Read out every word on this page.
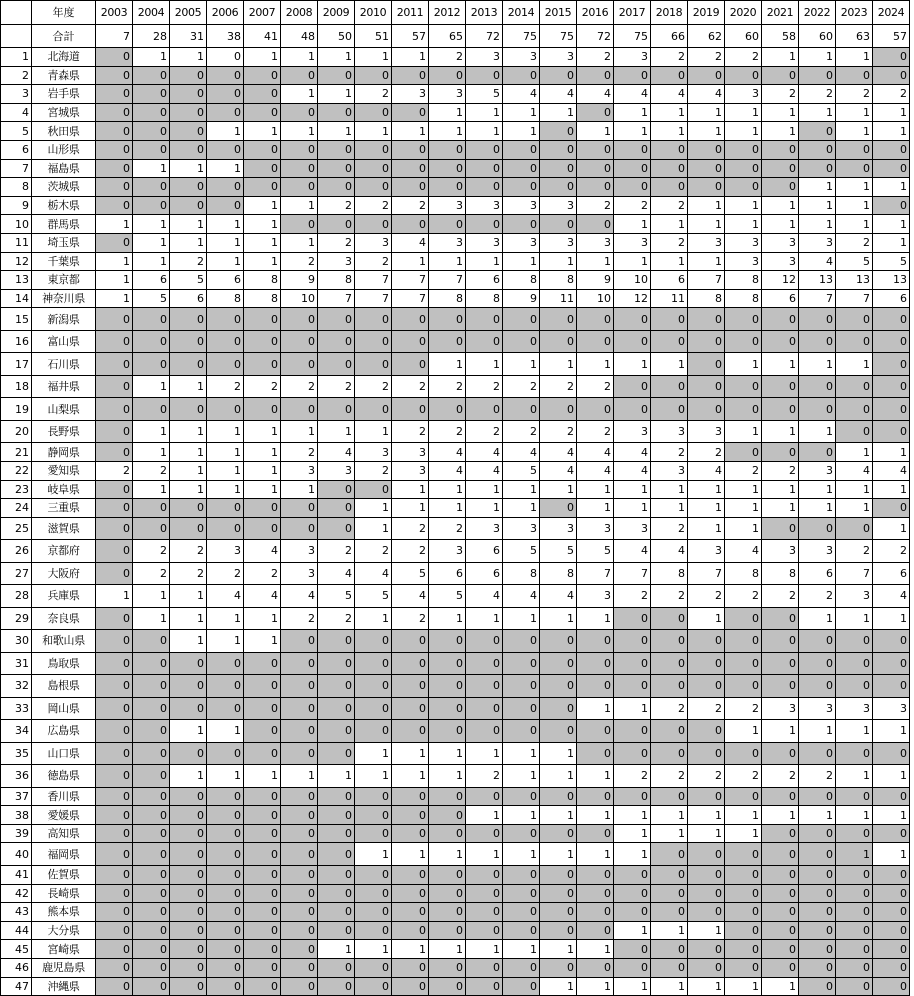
	年度	2003	2004	2005	2006	2007	2008	2009	2010	2011	2012	2013	2014	2015	2016	2017	2018	2019	2020	2021	2022	2023	2024
	合計	7	28	31	38	41	48	50	51	57	65	72	75	75	72	75	66	62	60	58	60	63	57
1	北海道	0	1	1	0	1	1	1	1	1	2	3	3	3	2	3	2	2	2	1	1	1	0
2	青森県	0	0	0	0	0	0	0	0	0	0	0	0	0	0	0	0	0	0	0	0	0	0
3	岩手県	0	0	0	0	0	1	1	2	3	3	5	4	4	4	4	4	4	3	2	2	2	2
4	宮城県	0	0	0	0	0	0	0	0	0	1	1	1	1	0	1	1	1	1	1	1	1	1
5	秋田県	0	0	0	1	1	1	1	1	1	1	1	1	0	1	1	1	1	1	1	0	1	1
6	山形県	0	0	0	0	0	0	0	0	0	0	0	0	0	0	0	0	0	0	0	0	0	0
7	福島県	0	1	1	1	0	0	0	0	0	0	0	0	0	0	0	0	0	0	0	0	0	0
8	茨城県	0	0	0	0	0	0	0	0	0	0	0	0	0	0	0	0	0	0	0	1	1	1
9	栃木県	0	0	0	0	1	1	2	2	2	3	3	3	3	2	2	2	1	1	1	1	1	0
10	群馬県	1	1	1	1	1	0	0	0	0	0	0	0	0	0	1	1	1	1	1	1	1	1
11	埼玉県	0	1	1	1	1	1	2	3	4	3	3	3	3	3	3	2	3	3	3	3	2	1
12	千葉県	1	1	2	1	1	2	3	2	1	1	1	1	1	1	1	1	1	3	3	4	5	5
13	東京都	1	6	5	6	8	9	8	7	7	7	6	8	8	9	10	6	7	8	12	13	13	13
14	神奈川県	1	5	6	8	8	10	7	7	7	8	8	9	11	10	12	11	8	8	6	7	7	6
15	新潟県	0	0	0	0	0	0	0	0	0	0	0	0	0	0	0	0	0	0	0	0	0	0
16	富山県	0	0	0	0	0	0	0	0	0	0	0	0	0	0	0	0	0	0	0	0	0	0
17	石川県	0	0	0	0	0	0	0	0	0	1	1	1	1	1	1	1	0	1	1	1	1	0
18	福井県	0	1	1	2	2	2	2	2	2	2	2	2	2	2	0	0	0	0	0	0	0	0
19	山梨県	0	0	0	0	0	0	0	0	0	0	0	0	0	0	0	0	0	0	0	0	0	0
20	長野県	0	1	1	1	1	1	1	1	2	2	2	2	2	2	3	3	3	1	1	1	0	0
21	静岡県	0	1	1	1	1	2	4	3	3	4	4	4	4	4	4	2	2	0	0	0	1	1
22	愛知県	2	2	1	1	1	3	3	2	3	4	4	5	4	4	4	3	4	2	2	3	4	4
23	岐阜県	0	1	1	1	1	1	0	0	1	1	1	1	1	1	1	1	1	1	1	1	1	1
24	三重県	0	0	0	0	0	0	0	1	1	1	1	1	0	1	1	1	1	1	1	1	1	0
25	滋賀県	0	0	0	0	0	0	0	1	2	2	3	3	3	3	3	2	1	1	0	0	0	1
26	京都府	0	2	2	3	4	3	2	2	2	3	6	5	5	5	4	4	3	4	3	3	2	2
27	大阪府	0	2	2	2	2	3	4	4	5	6	6	8	8	7	7	8	7	8	8	6	7	6
28	兵庫県	1	1	1	4	4	4	5	5	4	5	4	4	4	3	2	2	2	2	2	2	3	4
29	奈良県	0	1	1	1	1	2	2	1	2	1	1	1	1	1	0	0	1	0	0	1	1	1
30	和歌山県	0	0	1	1	1	0	0	0	0	0	0	0	0	0	0	0	0	0	0	0	0	0
31	鳥取県	0	0	0	0	0	0	0	0	0	0	0	0	0	0	0	0	0	0	0	0	0	0
32	島根県	0	0	0	0	0	0	0	0	0	0	0	0	0	0	0	0	0	0	0	0	0	0
33	岡山県	0	0	0	0	0	0	0	0	0	0	0	0	0	1	1	2	2	2	3	3	3	3
34	広島県	0	0	1	1	0	0	0	0	0	0	0	0	0	0	0	0	0	1	1	1	1	1
35	山口県	0	0	0	0	0	0	0	1	1	1	1	1	1	0	0	0	0	0	0	0	0	0
36	徳島県	0	0	1	1	1	1	1	1	1	1	2	1	1	1	2	2	2	2	2	2	1	1
37	香川県	0	0	0	0	0	0	0	0	0	0	0	0	0	0	0	0	0	0	0	0	0	0
38	愛媛県	0	0	0	0	0	0	0	0	0	0	1	1	1	1	1	1	1	1	1	1	1	1
39	高知県	0	0	0	0	0	0	0	0	0	0	0	0	0	0	1	1	1	1	0	0	0	0
40	福岡県	0	0	0	0	0	0	0	1	1	1	1	1	1	1	1	0	0	0	0	0	1	1
41	佐賀県	0	0	0	0	0	0	0	0	0	0	0	0	0	0	0	0	0	0	0	0	0	0
42	長崎県	0	0	0	0	0	0	0	0	0	0	0	0	0	0	0	0	0	0	0	0	0	0
43	熊本県	0	0	0	0	0	0	0	0	0	0	0	0	0	0	0	0	0	0	0	0	0	0
44	大分県	0	0	0	0	0	0	0	0	0	0	0	0	0	0	1	1	1	0	0	0	0	0
45	宮崎県	0	0	0	0	0	0	1	1	1	1	1	1	1	1	0	0	0	0	0	0	0	0
46	鹿児島県	0	0	0	0	0	0	0	0	0	0	0	0	0	0	0	0	0	0	0	0	0	0
47	沖縄県	0	0	0	0	0	0	0	0	0	0	0	0	1	1	1	1	1	1	1	0	0	0
